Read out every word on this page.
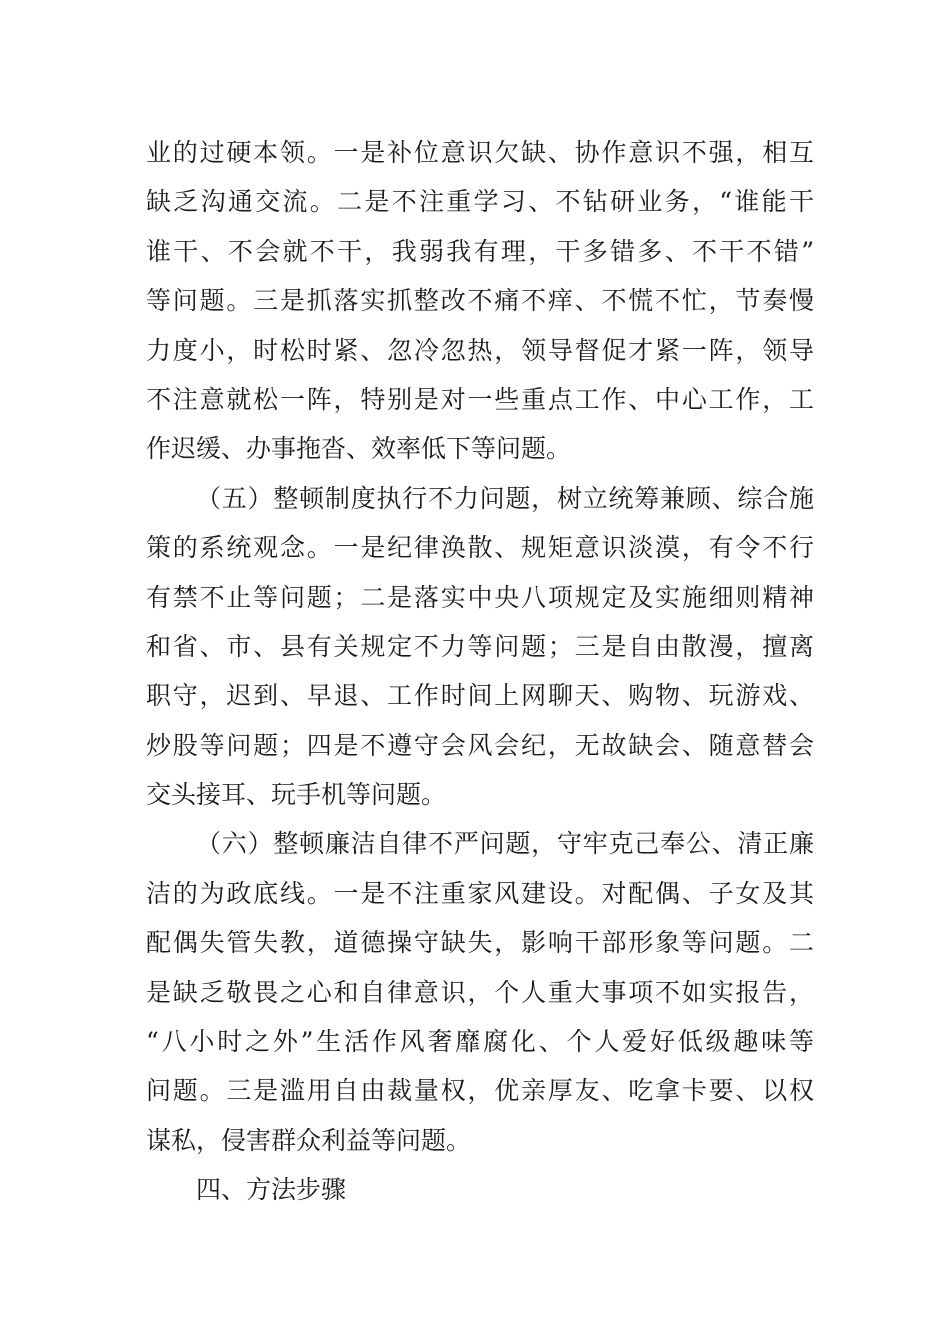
业的过硬本领。一是补位意识欠缺、协作意识不强，相互
缺乏沟通交流。二是不注重学习、不钻研业务，“谁能干
谁干、不会就不干，我弱我有理，干多错多、不干不错”
等问题。三是抓落实抓整改不痛不痒、不慌不忙，节奏慢
力度小，时松时紧、忽冷忽热，领导督促才紧一阵，领导
不注意就松一阵，特别是对一些重点工作、中心工作，工
作迟缓、办事拖沓、效率低下等问题。
（五）整顿制度执行不力问题，树立统筹兼顾、综合施
策的系统观念。一是纪律涣散、规矩意识淡漠，有令不行
有禁不止等问题；二是落实中央八项规定及实施细则精神
和省、市、县有关规定不力等问题；三是自由散漫，擅离
职守，迟到、早退、工作时间上网聊天、购物、玩游戏、
炒股等问题；四是不遵守会风会纪，无故缺会、随意替会
交头接耳、玩手机等问题。
（六）整顿廉洁自律不严问题，守牢克己奉公、清正廉
洁的为政底线。一是不注重家风建设。对配偶、子女及其
配偶失管失教，道德操守缺失，影响干部形象等问题。二
是缺乏敬畏之心和自律意识，个人重大事项不如实报告，
“八小时之外”生活作风奢靡腐化、个人爱好低级趣味等
问题。三是滥用自由裁量权，优亲厚友、吃拿卡要、以权
谋私，侵害群众利益等问题。
四、方法步骤
